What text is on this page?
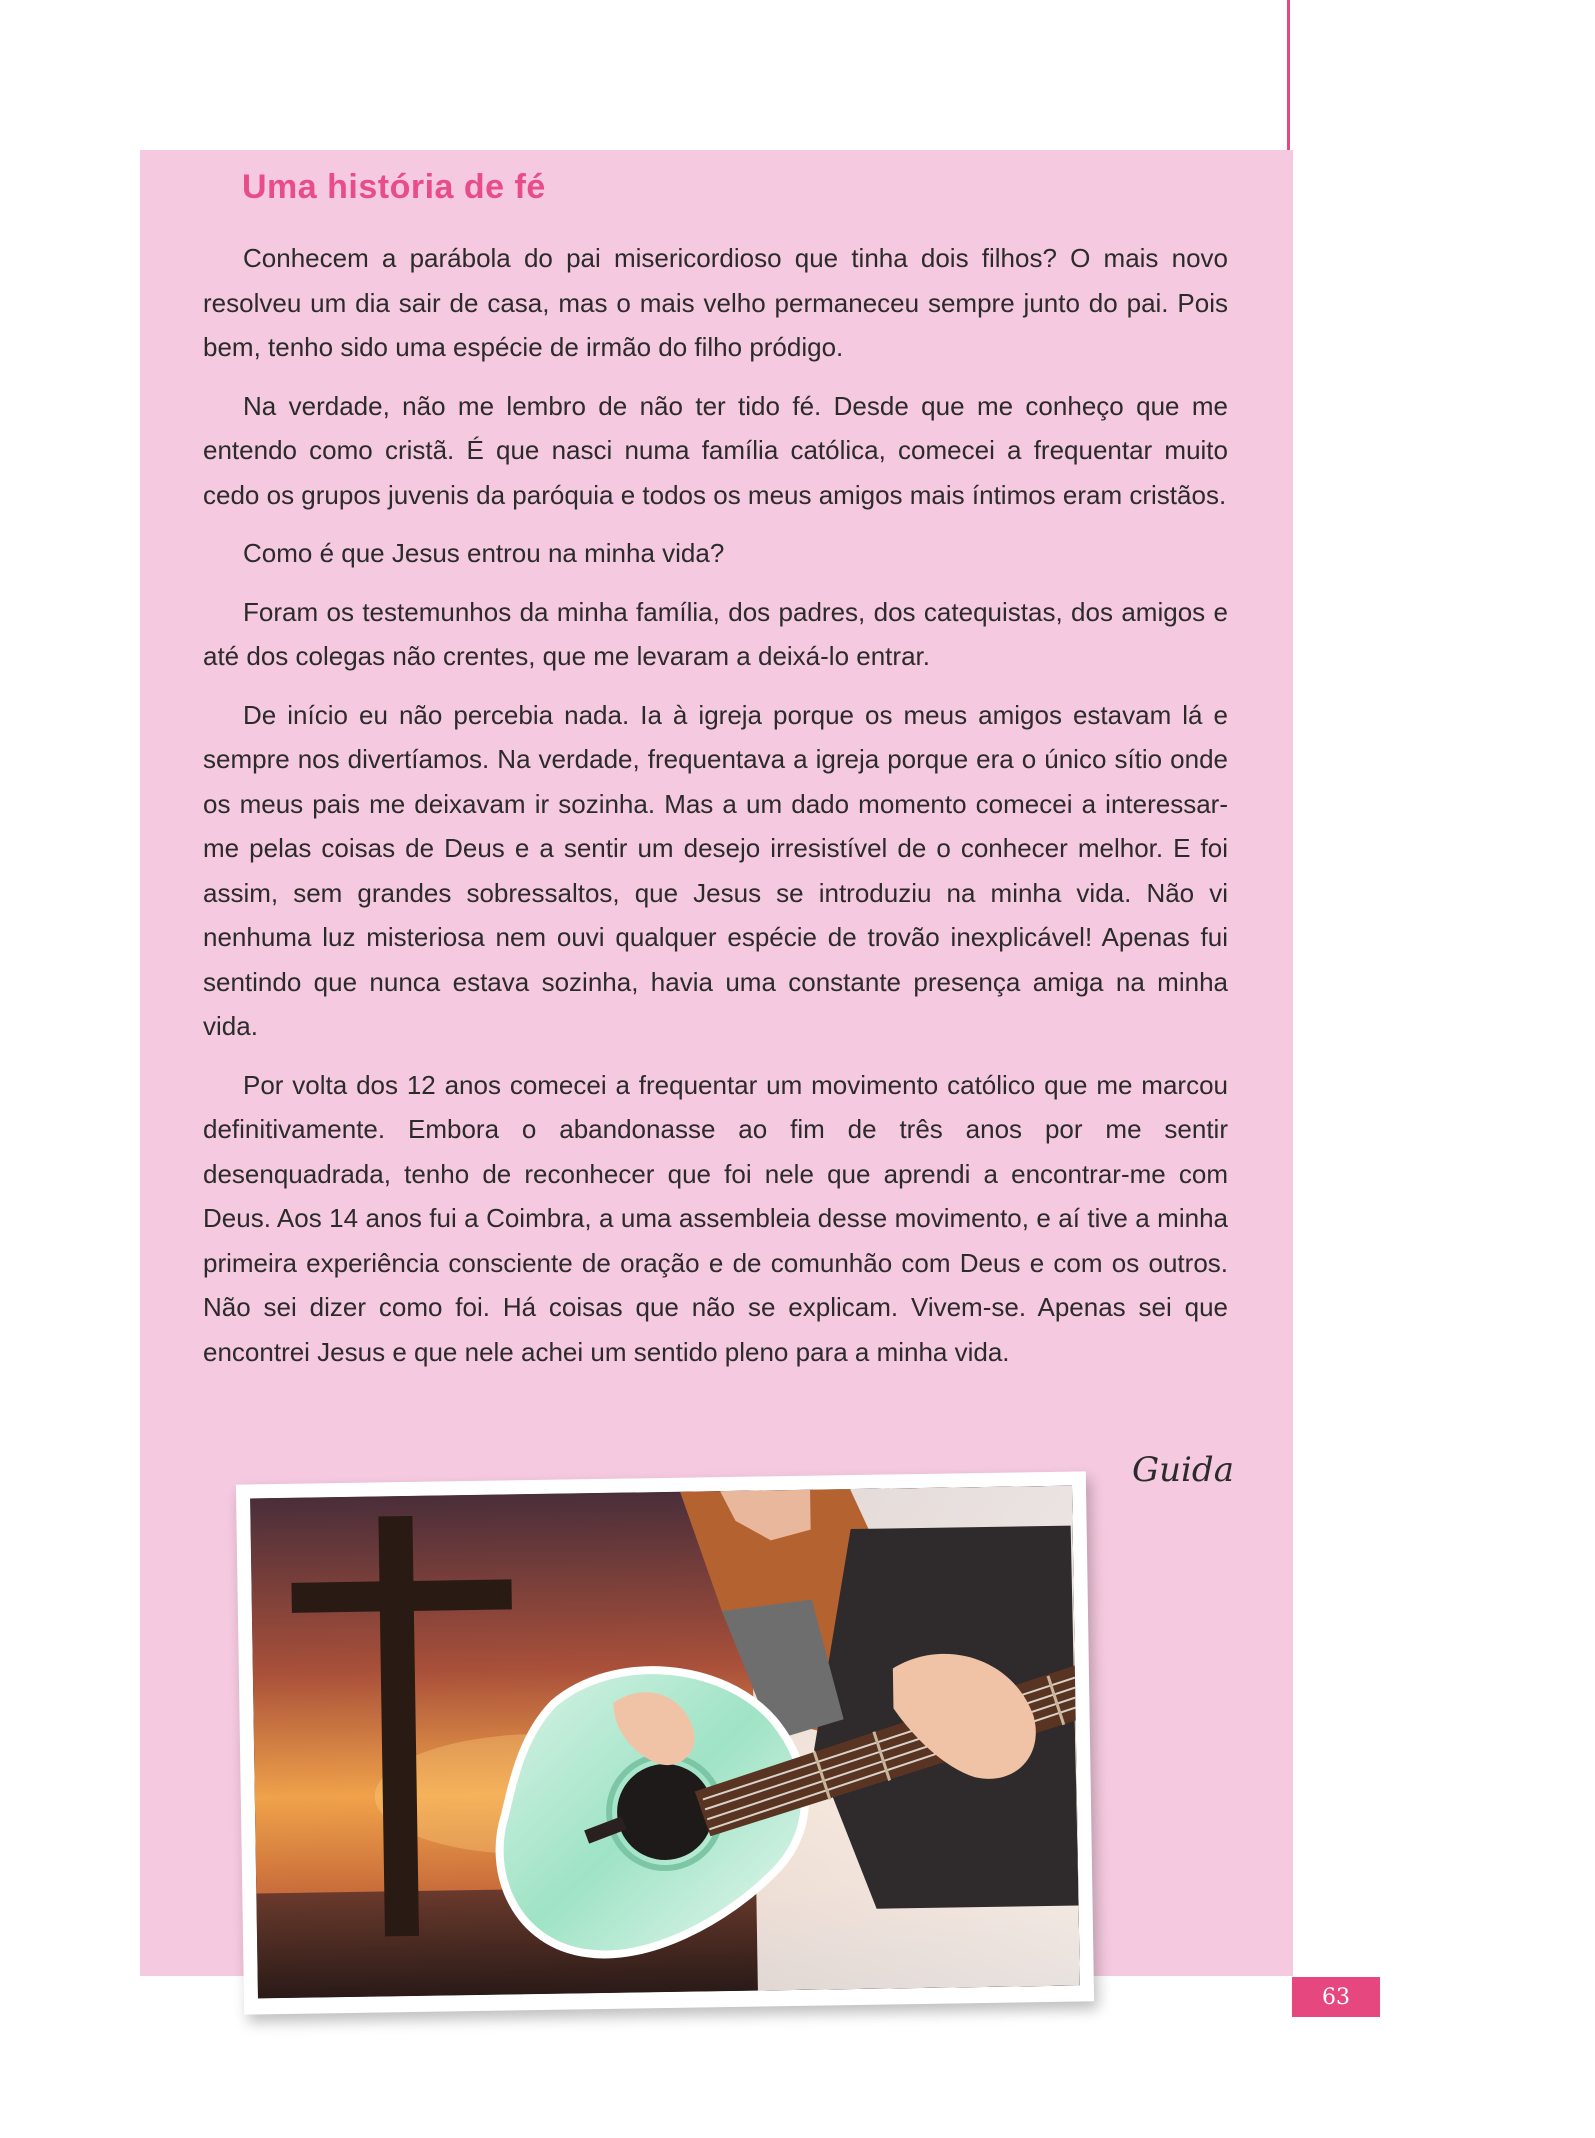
Uma história de fé

Conhecem a parábola do pai misericordioso que tinha dois filhos? O mais novo resolveu um dia sair de casa, mas o mais velho permaneceu sempre junto do pai. Pois bem, tenho sido uma espécie de irmão do filho pródigo.

Na verdade, não me lembro de não ter tido fé. Desde que me conheço que me entendo como cristã. É que nasci numa família católica, comecei a frequentar muito cedo os grupos juvenis da paróquia e todos os meus amigos mais íntimos eram cristãos.

Como é que Jesus entrou na minha vida?

Foram os testemunhos da minha família, dos padres, dos catequistas, dos amigos e até dos colegas não crentes, que me levaram a deixá-lo entrar.

De início eu não percebia nada. Ia à igreja porque os meus amigos estavam lá e sempre nos divertíamos. Na verdade, frequentava a igreja porque era o único sítio onde os meus pais me deixavam ir sozinha. Mas a um dado momento comecei a interessar-me pelas coisas de Deus e a sentir um desejo irresistível de o conhecer melhor. E foi assim, sem grandes sobressaltos, que Jesus se introduziu na minha vida. Não vi nenhuma luz misteriosa nem ouvi qualquer espécie de trovão inexplicável! Apenas fui sentindo que nunca estava sozinha, havia uma constante presença amiga na minha vida.

Por volta dos 12 anos comecei a frequentar um movimento católico que me marcou definitivamente. Embora o abandonasse ao fim de três anos por me sentir desenquadrada, tenho de reconhecer que foi nele que aprendi a encontrar-me com Deus. Aos 14 anos fui a Coimbra, a uma assembleia desse movimento, e aí tive a minha primeira experiência consciente de oração e de comunhão com Deus e com os outros. Não sei dizer como foi. Há coisas que não se explicam. Vivem-se. Apenas sei que encontrei Jesus e que nele achei um sentido pleno para a minha vida.

Guida
63
